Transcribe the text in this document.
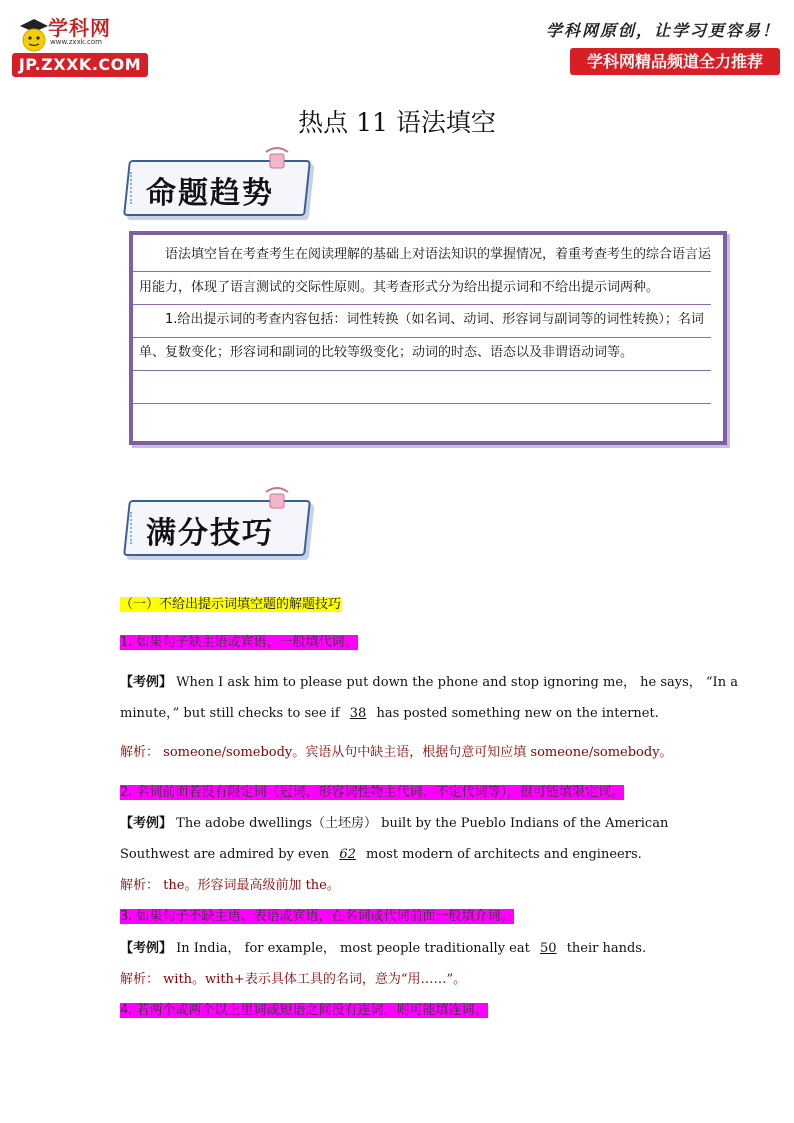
学科网
www.zxxk.com
JP.ZXXK.COM
学科网原创，让学习更容易！
学科网精品频道全力推荐
热点 11 语法填空
命题趋势

语法填空旨在考查考生在阅读理解的基础上对语法知识的掌握情况，着重考查考生的综合语言运用能力，体现了语言测试的交际性原则。其考查形式分为给出提示词和不给出提示词两种。

1.给出提示词的考查内容包括：词性转换（如名词、动词、形容词与副词等的词性转换）；名词单、复数变化；形容词和副词的比较等级变化；动词的时态、语态以及非谓语动词等。

满分技巧
（一）不给出提示词填空题的解题技巧
1. 如果句子缺主语或宾语，一般填代词。
【考例】 When I ask him to please put down the phone and stop ignoring me， he says， “In a
minute，” but still checks to see if 38 has posted something new on the internet.
解析： someone/somebody。宾语从句中缺主语，根据句意可知应填 someone/somebody。
2. 名词前面若没有限定词（冠词、形容词性物主代词、不定代词等），很可能填限定词。
【考例】 The adobe dwellings（土坯房） built by the Pueblo Indians of the American
Southwest are admired by even 62 most modern of architects and engineers.
解析： the。形容词最高级前加 the。
3. 如果句子不缺主语、表语或宾语，在名词或代词前面一般填介词。
【考例】 In India， for example， most people traditionally eat 50 their hands.
解析： with。with+表示具体工具的名词，意为“用……”。
4. 若两个或两个以上里词或短语之间没有连词，则可能填连词。
